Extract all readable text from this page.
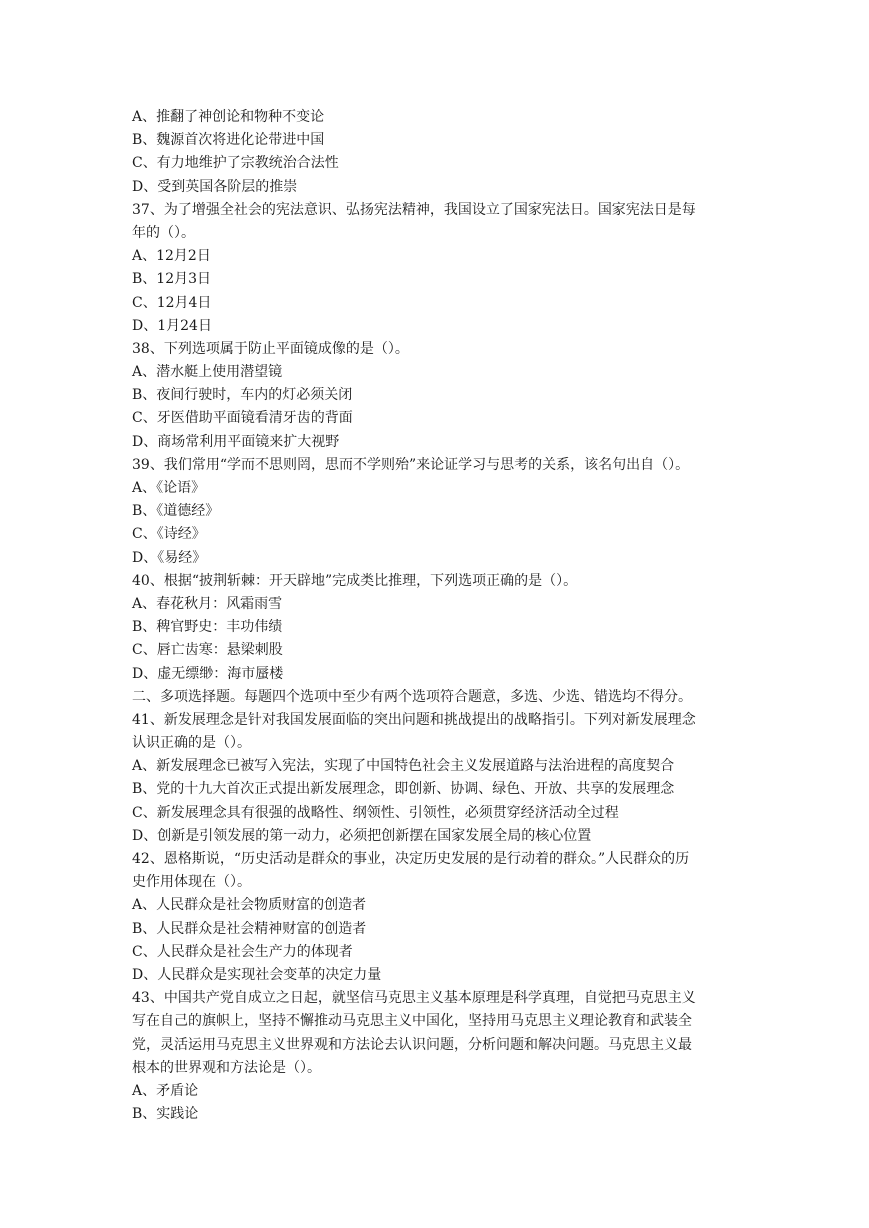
A、推翻了神创论和物种不变论
B、魏源首次将进化论带进中国
C、有力地维护了宗教统治合法性
D、受到英国各阶层的推崇
37、为了增强全社会的宪法意识、弘扬宪法精神，我国设立了国家宪法日。国家宪法日是每
年的（）。
A、12月2日
B、12月3日
C、12月4日
D、1月24日
38、下列选项属于防止平面镜成像的是（）。
A、潜水艇上使用潜望镜
B、夜间行驶时，车内的灯必须关闭
C、牙医借助平面镜看清牙齿的背面
D、商场常利用平面镜来扩大视野
39、我们常用“学而不思则罔，思而不学则殆”来论证学习与思考的关系，该名句出自（）。
A、《论语》
B、《道德经》
C、《诗经》
D、《易经》
40、根据“披荆斩棘：开天辟地”完成类比推理，下列选项正确的是（）。
A、春花秋月：风霜雨雪
B、稗官野史：丰功伟绩
C、唇亡齿寒：悬梁刺股
D、虚无缥缈：海市蜃楼
二、多项选择题。每题四个选项中至少有两个选项符合题意，多选、少选、错选均不得分。
41、新发展理念是针对我国发展面临的突出问题和挑战提出的战略指引。下列对新发展理念
认识正确的是（）。
A、新发展理念已被写入宪法，实现了中国特色社会主义发展道路与法治进程的高度契合
B、党的十九大首次正式提出新发展理念，即创新、协调、绿色、开放、共享的发展理念
C、新发展理念具有很强的战略性、纲领性、引领性，必须贯穿经济活动全过程
D、创新是引领发展的第一动力，必须把创新摆在国家发展全局的核心位置
42、恩格斯说，“历史活动是群众的事业，决定历史发展的是行动着的群众。”人民群众的历
史作用体现在（）。
A、人民群众是社会物质财富的创造者
B、人民群众是社会精神财富的创造者
C、人民群众是社会生产力的体现者
D、人民群众是实现社会变革的决定力量
43、中国共产党自成立之日起，就坚信马克思主义基本原理是科学真理，自觉把马克思主义
写在自己的旗帜上，坚持不懈推动马克思主义中国化，坚持用马克思主义理论教育和武装全
党，灵活运用马克思主义世界观和方法论去认识问题，分析问题和解决问题。马克思主义最
根本的世界观和方法论是（）。
A、矛盾论
B、实践论
